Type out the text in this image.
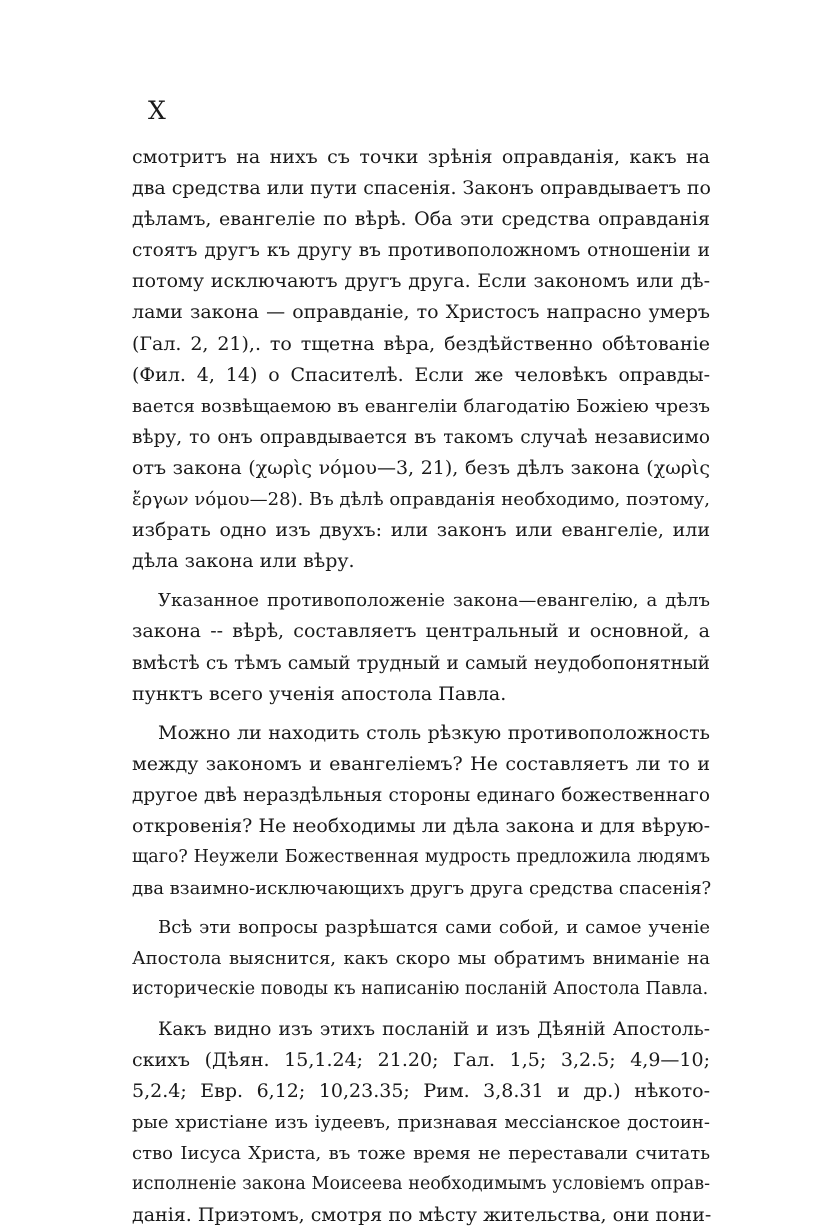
X
смотритъ на нихъ съ точки зрѣнія оправданія, какъ на
два средства или пути спасенія. Законъ оправдываетъ по
дѣламъ, евангеліе по вѣрѣ. Оба эти средства оправданія
стоятъ другъ къ другу въ противоположномъ отношеніи и
потому исключаютъ другъ друга. Если закономъ или дѣ-
лами закона — оправданіе, то Христосъ напрасно умеръ
(Гал. 2, 21),. то тщетна вѣра, бездѣйственно обѣтованіе
(Фил. 4, 14) о Спасителѣ. Если же человѣкъ оправды-
вается возвѣщаемою въ евангеліи благодатію Божіею чрезъ
вѣру, то онъ оправдывается въ такомъ случаѣ независимо
отъ закона (χωρὶς νόμου—3, 21), безъ дѣлъ закона (χωρὶς
ἔργων νόμου—28). Въ дѣлѣ оправданія необходимо, поэтому,
избрать одно изъ двухъ: или законъ или евангеліе, или
дѣла закона или вѣру.
Указанное противоположеніе закона—евангелію, а дѣлъ
закона -- вѣрѣ, составляетъ центральный и основной, а
вмѣстѣ съ тѣмъ самый трудный и самый неудобопонятный
пунктъ всего ученія апостола Павла.
Можно ли находить столь рѣзкую противоположность
между закономъ и евангеліемъ? Не составляетъ ли то и
другое двѣ нераздѣльныя стороны единаго божественнаго
откровенія? Не необходимы ли дѣла закона и для вѣрую-
щаго? Неужели Божественная мудрость предложила людямъ
два взаимно-исключающихъ другъ друга средства спасенія?
Всѣ эти вопросы разрѣшатся сами собой, и самое ученіе
Апостола выяснится, какъ скоро мы обратимъ вниманіе на
историческіе поводы къ написанію посланій Апостола Павла.
Какъ видно изъ этихъ посланій и изъ Дѣяній Апостоль-
скихъ (Дѣян. 15,1.24; 21.20; Гал. 1,5; 3,2.5; 4,9—10;
5,2.4; Евр. 6,12; 10,23.35; Рим. 3,8.31 и др.) нѣкото-
рые христіане изъ іудеевъ, признавая мессіанское достоин-
ство Іисуса Христа, въ тоже время не переставали считать
исполненіе закона Моисеева необходимымъ условіемъ оправ-
данія. Приэтомъ, смотря по мѣсту жительства, они пони-
